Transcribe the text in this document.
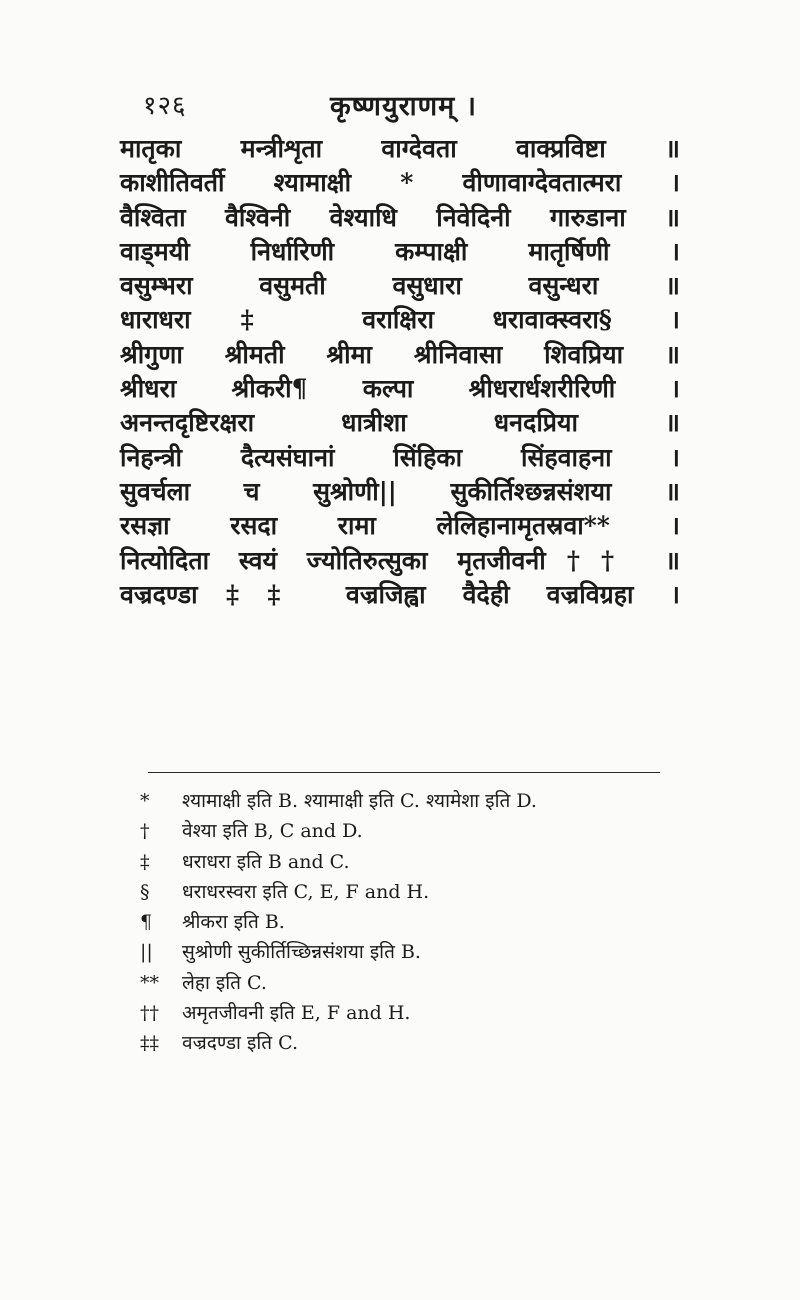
१२६	कृष्णयुराणम् ।
मातृका मन्त्रीशृता वाग्देवता वाक्प्रविष्टा ॥
काशीतिवर्ती श्यामाक्षी * वीणावाग्देवतात्मरा ।
वैश्विता वैश्विनी वेश्याधि निवेदिनी गारुडाना ॥
वाड्मयी निर्धारिणी कम्पाक्षी मातृर्षिणी ।
वसुम्भरा वसुमती वसुधारा वसुन्धरा ॥
धाराधरा‡ वराक्षिरा धरावाक्स्वरा§ ।
श्रीगुणा श्रीमती श्रीमा श्रीनिवासा शिवप्रिया ॥
श्रीधरा श्रीकरी¶ कल्पा श्रीधरार्धशरीरिणी ।
अनन्तदृष्टिरक्षरा धात्रीशा धनदप्रिया ॥
निहन्त्री दैत्यसंघानां सिंहिका सिंहवाहना ।
सुवर्चला च सुश्रोणी|| सुकीर्तिश्छन्नसंशया ॥
रसज्ञा रसदा रामा लेलिहानामृतस्रवा** ।
नित्योदिता स्वयं ज्योतिरुत्सुका मृतजीवनी†† ॥
वज्रदण्डा‡‡ वज्रजिह्वा वैदेही वज्रविग्रहा ।
*	श्यामाक्षी इति B. श्यामाक्षी इति C. श्यामेशा इति D.
†	वेश्या इति B, C and D.
‡	धराधरा इति B and C.
§	धराधरस्वरा इति C, E, F and H.
¶	श्रीकरा इति B.
||	सुश्रोणी सुकीर्तिच्छिन्नसंशया इति B.
**	लेहा इति C.
††	अमृतजीवनी इति E, F and H.
‡‡	वज्रदण्डा इति C.
